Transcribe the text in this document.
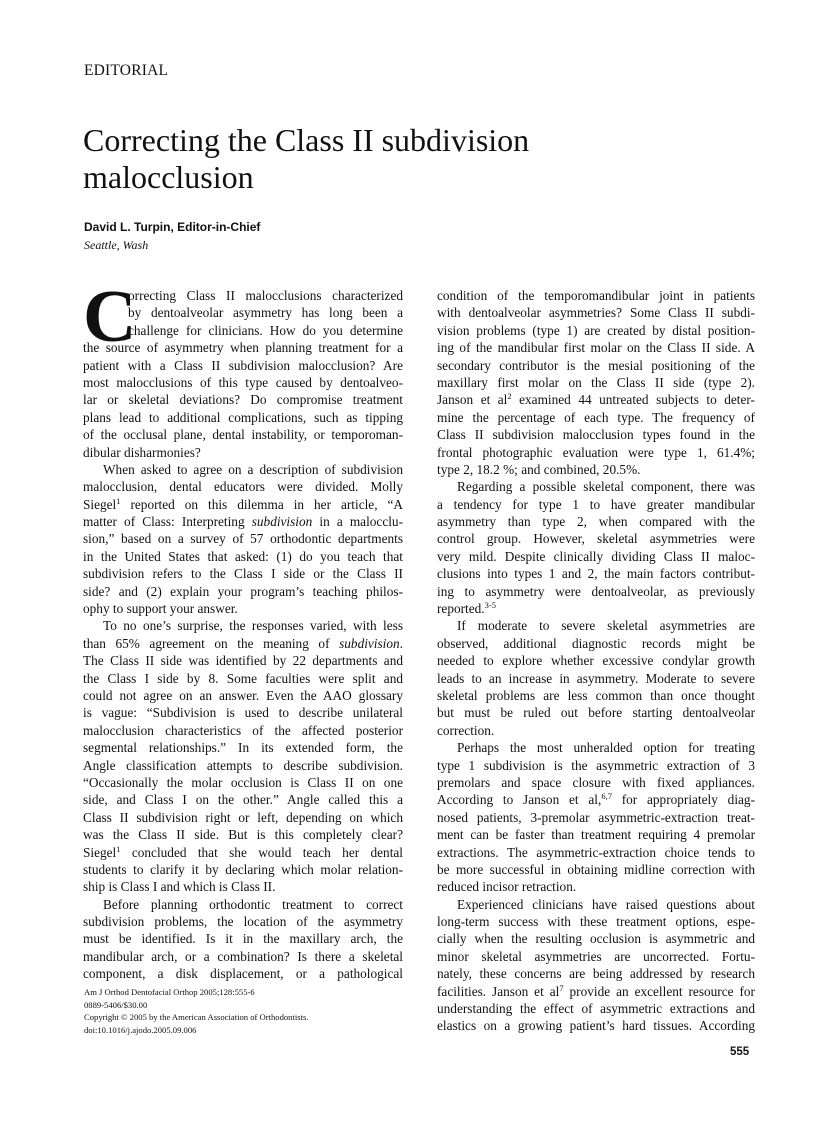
EDITORIAL
Correcting the Class II subdivision
malocclusion
David L. Turpin, Editor-in-Chief
Seattle, Wash
C
orrecting Class II malocclusions characterized
by dentoalveolar asymmetry has long been a
challenge for clinicians. How do you determine
the source of asymmetry when planning treatment for a
patient with a Class II subdivision malocclusion? Are
most malocclusions of this type caused by dentoalveo-
lar or skeletal deviations? Do compromise treatment
plans lead to additional complications, such as tipping
of the occlusal plane, dental instability, or temporoman-
dibular disharmonies?
When asked to agree on a description of subdivision
malocclusion, dental educators were divided. Molly
Siegel$^1$ reported on this dilemma in her article, “A
matter of Class: Interpreting subdivision in a malocclu-
sion,” based on a survey of 57 orthodontic departments
in the United States that asked: (1) do you teach that
subdivision refers to the Class I side or the Class II
side? and (2) explain your program’s teaching philos-
ophy to support your answer.
To no one’s surprise, the responses varied, with less
than 65% agreement on the meaning of subdivision.
The Class II side was identified by 22 departments and
the Class I side by 8. Some faculties were split and
could not agree on an answer. Even the AAO glossary
is vague: “Subdivision is used to describe unilateral
malocclusion characteristics of the affected posterior
segmental relationships.” In its extended form, the
Angle classification attempts to describe subdivision.
“Occasionally the molar occlusion is Class II on one
side, and Class I on the other.” Angle called this a
Class II subdivision right or left, depending on which
was the Class II side. But is this completely clear?
Siegel$^1$ concluded that she would teach her dental
students to clarify it by declaring which molar relation-
ship is Class I and which is Class II.
Before planning orthodontic treatment to correct
subdivision problems, the location of the asymmetry
must be identified. Is it in the maxillary arch, the
mandibular arch, or a combination? Is there a skeletal
component, a disk displacement, or a pathological
condition of the temporomandibular joint in patients
with dentoalveolar asymmetries? Some Class II subdi-
vision problems (type 1) are created by distal position-
ing of the mandibular first molar on the Class II side. A
secondary contributor is the mesial positioning of the
maxillary first molar on the Class II side (type 2).
Janson et $al^2$ examined 44 untreated subjects to deter-
mine the percentage of each type. The frequency of
Class II subdivision malocclusion types found in the
frontal photographic evaluation were type 1, 61.4%;
type 2, 18.2 %; and combined, 20.5%.
Regarding a possible skeletal component, there was
a tendency for type 1 to have greater mandibular
asymmetry than type 2, when compared with the
control group. However, skeletal asymmetries were
very mild. Despite clinically dividing Class II maloc-
clusions into types 1 and 2, the main factors contribut-
ing to asymmetry were dentoalveolar, as previously
reported.$^{3-5}$
If moderate to severe skeletal asymmetries are
observed, additional diagnostic records might be
needed to explore whether excessive condylar growth
leads to an increase in asymmetry. Moderate to severe
skeletal problems are less common than once thought
but must be ruled out before starting dentoalveolar
correction.
Perhaps the most unheralded option for treating
type 1 subdivision is the asymmetric extraction of 3
premolars and space closure with fixed appliances.
According to Janson et al,$^{6,7}$ for appropriately diag-
nosed patients, 3-premolar asymmetric-extraction treat-
ment can be faster than treatment requiring 4 premolar
extractions. The asymmetric-extraction choice tends to
be more successful in obtaining midline correction with
reduced incisor retraction.
Experienced clinicians have raised questions about
long-term success with these treatment options, espe-
cially when the resulting occlusion is asymmetric and
minor skeletal asymmetries are uncorrected. Fortu-
nately, these concerns are being addressed by research
facilities. Janson et $al^7$ provide an excellent resource for
understanding the effect of asymmetric extractions and
elastics on a growing patient’s hard tissues. According
Am J Orthod Dentofacial Orthop 2005;128:555-6
0889-5406/$30.00
Copyright © 2005 by the American Association of Orthodontists.
doi:10.1016/j.ajodo.2005.09.006
555
